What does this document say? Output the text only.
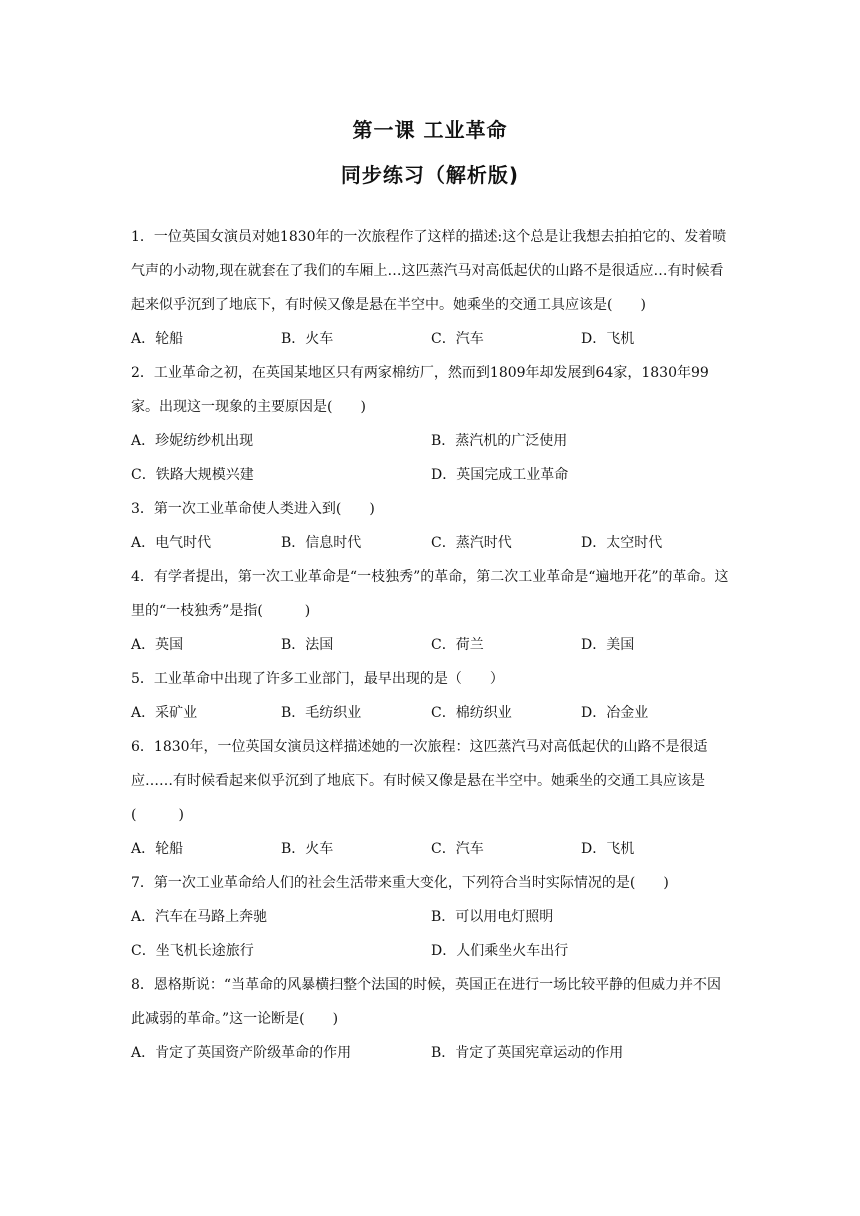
第一课 工业革命
同步练习（解析版)

1．一位英国女演员对她1830年的一次旅程作了这样的描述:这个总是让我想去拍拍它的、发着喷气声的小动物,现在就套在了我们的车厢上…这匹蒸汽马对高低起伏的山路不是很适应…有时候看起来似乎沉到了地底下，有时候又像是悬在半空中。她乘坐的交通工具应该是(　　)

A．轮船	B．火车	C．汽车	D．飞机

2．工业革命之初，在英国某地区只有两家棉纺厂，然而到1809年却发展到64家，1830年99家。出现这一现象的主要原因是(　　)

A．珍妮纺纱机出现	B．蒸汽机的广泛使用
C．铁路大规模兴建	D．英国完成工业革命

3．第一次工业革命使人类进入到(　　)

A．电气时代	B．信息时代	C．蒸汽时代	D．太空时代

4．有学者提出，第一次工业革命是“一枝独秀”的革命，第二次工业革命是“遍地开花”的革命。这里的“一枝独秀”是指(　　　)

A．英国	B．法国	C．荷兰	D．美国

5．工业革命中出现了许多工业部门，最早出现的是（　　）

A．采矿业	B．毛纺织业	C．棉纺织业	D．冶金业

6．1830年，一位英国女演员这样描述她的一次旅程：这匹蒸汽马对高低起伏的山路不是很适应……有时候看起来似乎沉到了地底下。有时候又像是悬在半空中。她乘坐的交通工具应该是(　　　)

A．轮船	B．火车	C．汽车	D．飞机

7．第一次工业革命给人们的社会生活带来重大变化，下列符合当时实际情况的是(　　)

A．汽车在马路上奔驰	B．可以用电灯照明
C．坐飞机长途旅行	D．人们乘坐火车出行

8．恩格斯说：“当革命的风暴横扫整个法国的时候，英国正在进行一场比较平静的但威力并不因此减弱的革命。”这一论断是(　　)

A．肯定了英国资产阶级革命的作用	B．肯定了英国宪章运动的作用
